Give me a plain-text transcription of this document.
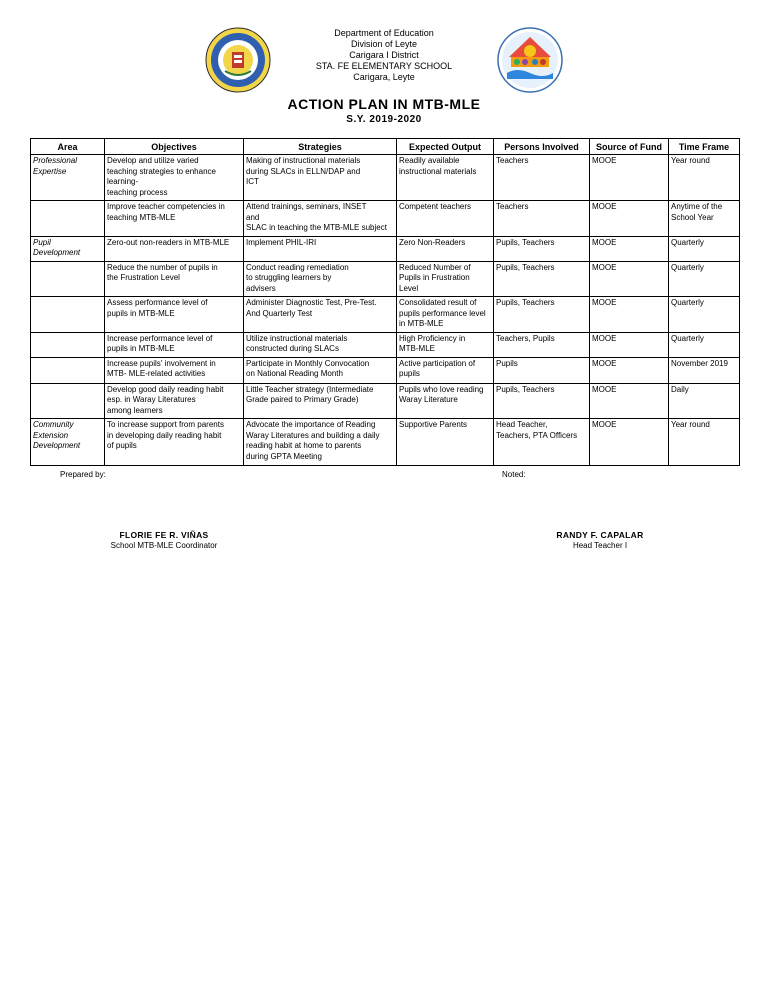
Department of Education
Division of Leyte
Carigara I District
STA. FE ELEMENTARY SCHOOL
Carigara, Leyte
ACTION PLAN IN MTB-MLE
S.Y. 2019-2020
Area	Objectives	Strategies	Expected Output	Persons Involved	Source of Fund	Time Frame
Professional
Expertise	Develop and utilize varied
teaching strategies to enhance
learning-
teaching process	Making of instructional materials
during SLACs in ELLN/DAP and
ICT	Readily available
instructional materials	Teachers	MOOE	Year round
	Improve teacher competencies in
teaching MTB-MLE	Attend trainings, seminars, INSET
and
SLAC in teaching the MTB-MLE subject	Competent teachers	Teachers	MOOE	Anytime of the
School Year
Pupil
Development	Zero-out non-readers in MTB-MLE	Implement PHIL-IRI	Zero Non-Readers	Pupils, Teachers	MOOE	Quarterly
	Reduce the number of pupils in
the Frustration Level	Conduct reading remediation
to struggling learners by
advisers	Reduced Number of
Pupils in Frustration
Level	Pupils, Teachers	MOOE	Quarterly
	Assess performance level of
pupils in MTB-MLE	Administer Diagnostic Test, Pre-Test.
And Quarterly Test	Consolidated result of
pupils performance level
in MTB-MLE	Pupils, Teachers	MOOE	Quarterly
	Increase performance level of
pupils in MTB-MLE	Utilize instructional materials
constructed during SLACs	High Proficiency in
MTB-MLE	Teachers, Pupils	MOOE	Quarterly
	Increase pupils' involvement in
MTB- MLE-related activities	Participate in Monthly Convocation
on National Reading Month	Active participation of
pupils	Pupils	MOOE	November 2019
	Develop good daily reading habit
esp. in Waray Literatures
among learners	Little Teacher strategy (Intermediate
Grade paired to Primary Grade)	Pupils who love reading
Waray Literature	Pupils, Teachers	MOOE	Daily
Community
Extension
Development	To increase support from parents
in developing daily reading habit
of pupils	Advocate the importance of Reading
Waray Literatures and building a daily
reading habit at home to parents
during GPTA Meeting	Supportive Parents	Head Teacher,
Teachers, PTA Officers	MOOE	Year round
Prepared by:	Noted:
FLORIE FE R. VIÑAS
School MTB-MLE Coordinator
RANDY F. CAPALAR
Head Teacher I
